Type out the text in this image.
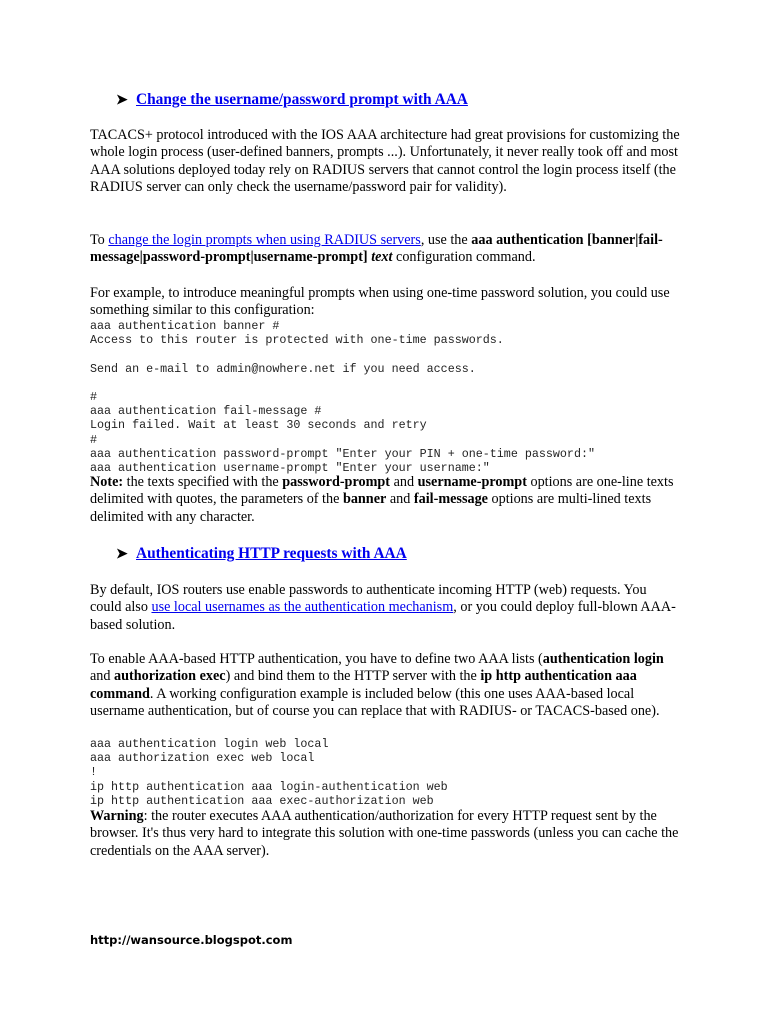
➤ Change the username/password prompt with AAA

TACACS+ protocol introduced with the IOS AAA architecture had great provisions for customizing the whole login process (user-defined banners, prompts ...). Unfortunately, it never really took off and most AAA solutions deployed today rely on RADIUS servers that cannot control the login process itself (the RADIUS server can only check the username/password pair for validity).

To change the login prompts when using RADIUS servers, use the aaa authentication [banner|fail-message|password-prompt|username-prompt] text configuration command.

For example, to introduce meaningful prompts when using one-time password solution, you could use something similar to this configuration:

aaa authentication banner #
Access to this router is protected with one-time passwords.
Send an e-mail to admin@nowhere.net if you need access.
#
aaa authentication fail-message #
Login failed. Wait at least 30 seconds and retry
#
aaa authentication password-prompt "Enter your PIN + one-time password:"
aaa authentication username-prompt "Enter your username:"

Note: the texts specified with the password-prompt and username-prompt options are one-line texts delimited with quotes, the parameters of the banner and fail-message options are multi-lined texts delimited with any character.

➤ Authenticating HTTP requests with AAA

By default, IOS routers use enable passwords to authenticate incoming HTTP (web) requests. You could also use local usernames as the authentication mechanism, or you could deploy full-blown AAA-based solution.

To enable AAA-based HTTP authentication, you have to define two AAA lists (authentication login and authorization exec) and bind them to the HTTP server with the ip http authentication aaa command. A working configuration example is included below (this one uses AAA-based local username authentication, but of course you can replace that with RADIUS- or TACACS-based one).

aaa authentication login web local
aaa authorization exec web local
!
ip http authentication aaa login-authentication web
ip http authentication aaa exec-authorization web

Warning: the router executes AAA authentication/authorization for every HTTP request sent by the browser. It's thus very hard to integrate this solution with one-time passwords (unless you can cache the credentials on the AAA server).

http://wansource.blogspot.com
